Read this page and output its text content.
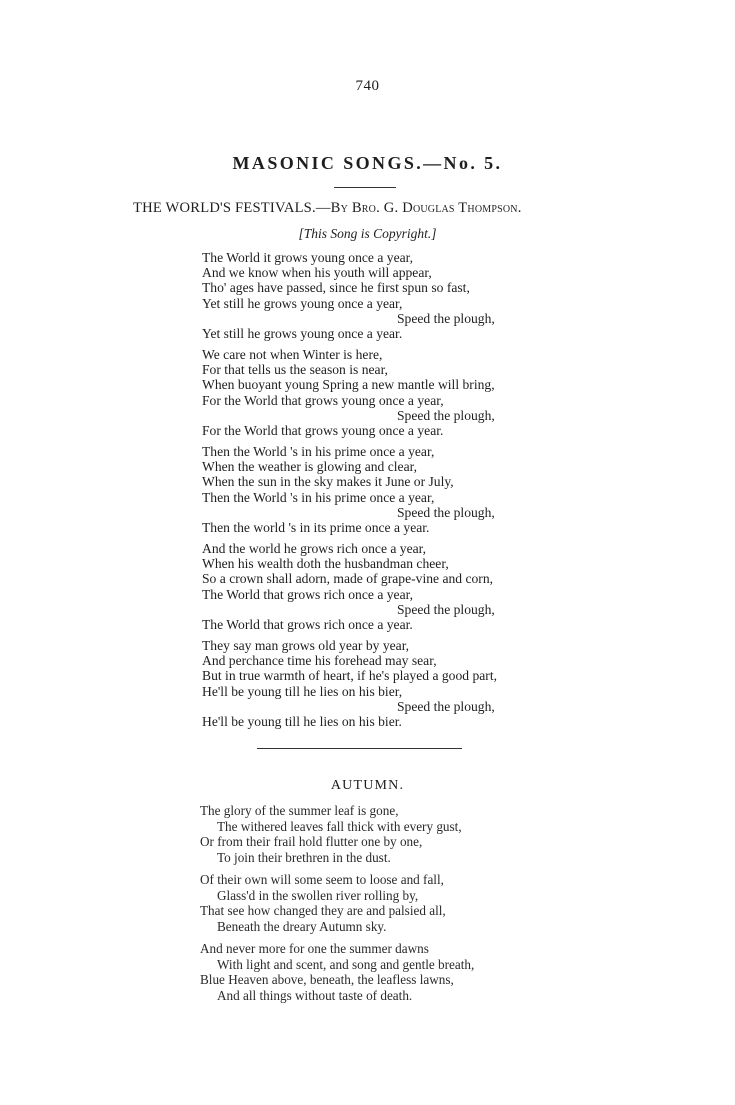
740
MASONIC SONGS.—No. 5.
THE WORLD'S FESTIVALS.—By Bro. G. Douglas Thompson.
[This Song is Copyright.]
The World it grows young once a year,
And we know when his youth will appear,
Tho' ages have passed, since he first spun so fast,
Yet still he grows young once a year,
Speed the plough,
Yet still he grows young once a year.
We care not when Winter is here,
For that tells us the season is near,
When buoyant young Spring a new mantle will bring,
For the World that grows young once a year,
Speed the plough,
For the World that grows young once a year.
Then the World 's in his prime once a year,
When the weather is glowing and clear,
When the sun in the sky makes it June or July,
Then the World 's in his prime once a year,
Speed the plough,
Then the world 's in its prime once a year.
And the world he grows rich once a year,
When his wealth doth the husbandman cheer,
So a crown shall adorn, made of grape-vine and corn,
The World that grows rich once a year,
Speed the plough,
The World that grows rich once a year.
They say man grows old year by year,
And perchance time his forehead may sear,
But in true warmth of heart, if he's played a good part,
He'll be young till he lies on his bier,
Speed the plough,
He'll be young till he lies on his bier.
AUTUMN.
The glory of the summer leaf is gone,
The withered leaves fall thick with every gust,
Or from their frail hold flutter one by one,
To join their brethren in the dust.
Of their own will some seem to loose and fall,
Glass'd in the swollen river rolling by,
That see how changed they are and palsied all,
Beneath the dreary Autumn sky.
And never more for one the summer dawns
With light and scent, and song and gentle breath,
Blue Heaven above, beneath, the leafless lawns,
And all things without taste of death.
